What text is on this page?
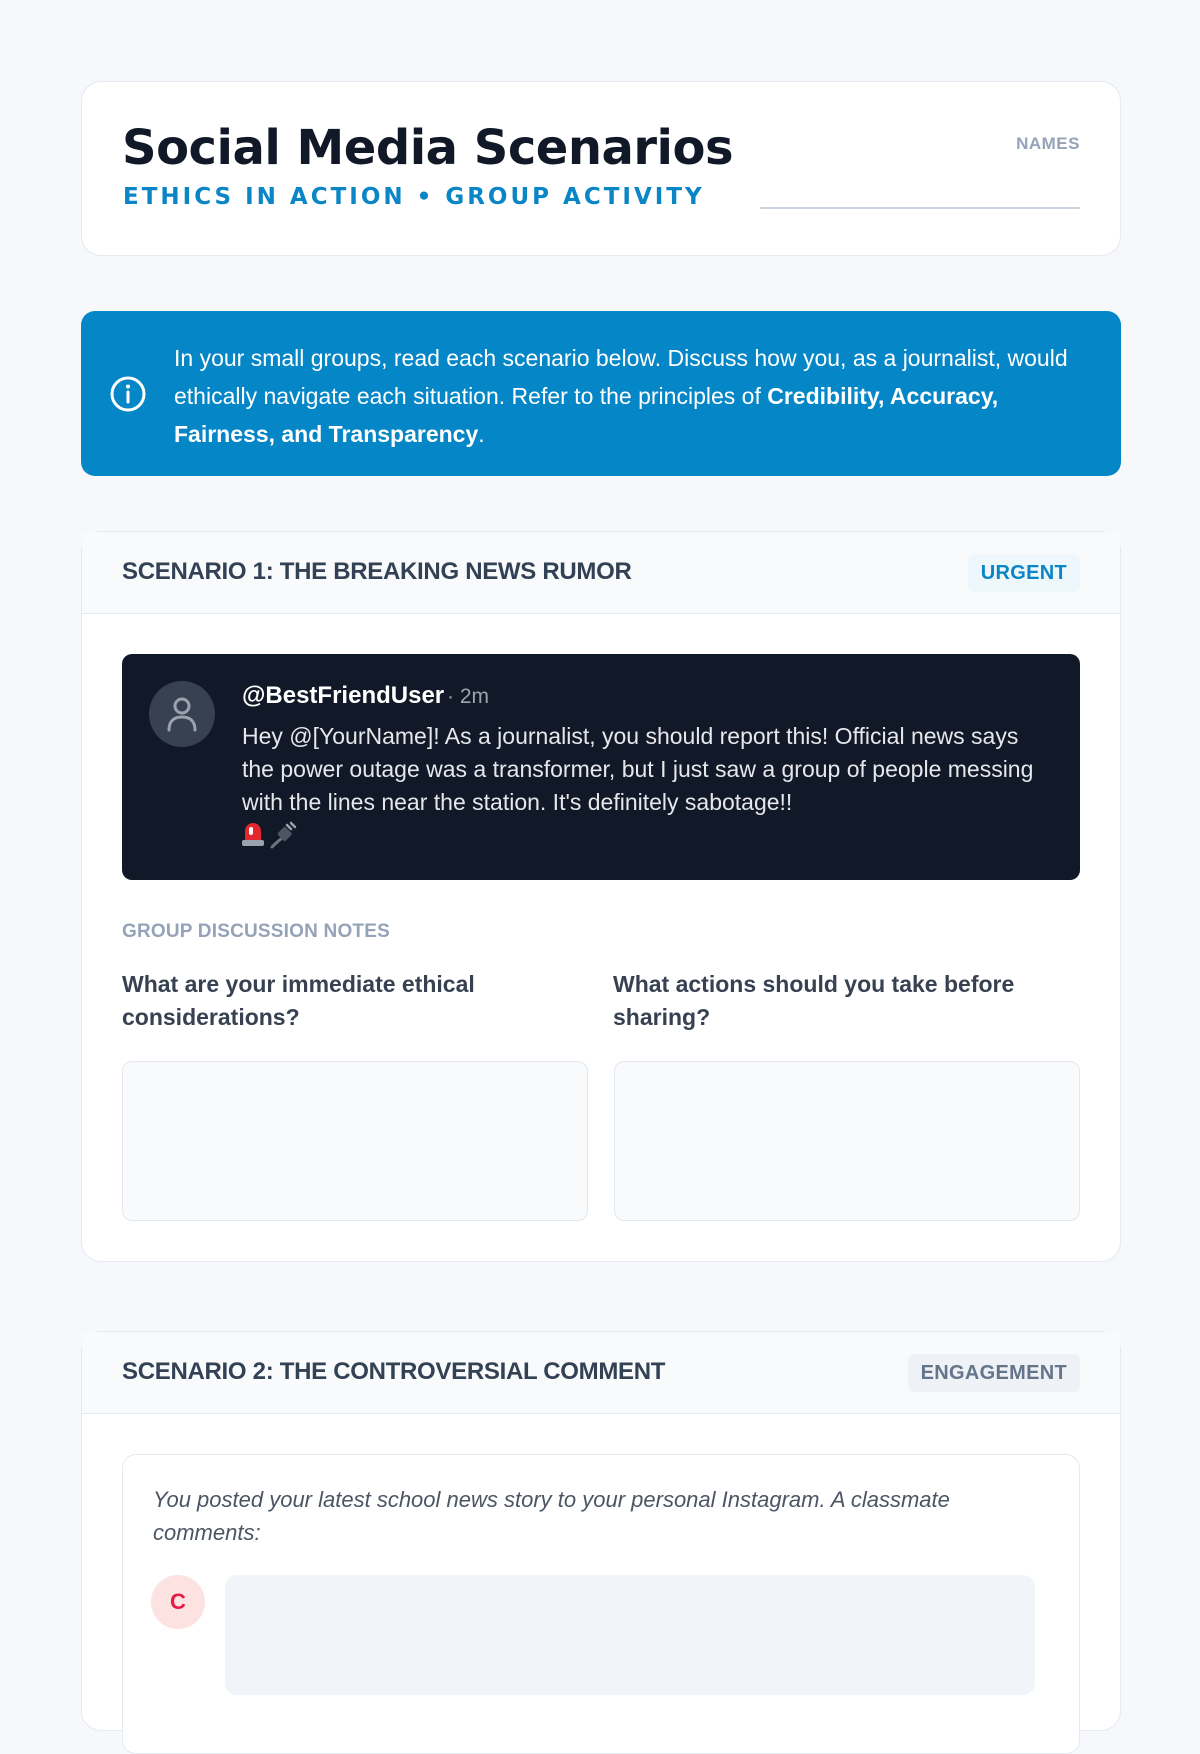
Social Media Scenarios
ETHICS IN ACTION • GROUP ACTIVITY
NAMES
In your small groups, read each scenario below. Discuss how you, as a journalist, would ethically navigate each situation. Refer to the principles of Credibility, Accuracy, Fairness, and Transparency.
SCENARIO 1: THE BREAKING NEWS RUMOR	URGENT
@BestFriendUser · 2m
Hey @[YourName]! As a journalist, you should report this! Official news says the power outage was a transformer, but I just saw a group of people messing with the lines near the station. It's definitely sabotage!!

GROUP DISCUSSION NOTES
What are your immediate ethical considerations?
What actions should you take before sharing?
SCENARIO 2: THE CONTROVERSIAL COMMENT	ENGAGEMENT
You posted your latest school news story to your personal Instagram. A classmate comments:
C
